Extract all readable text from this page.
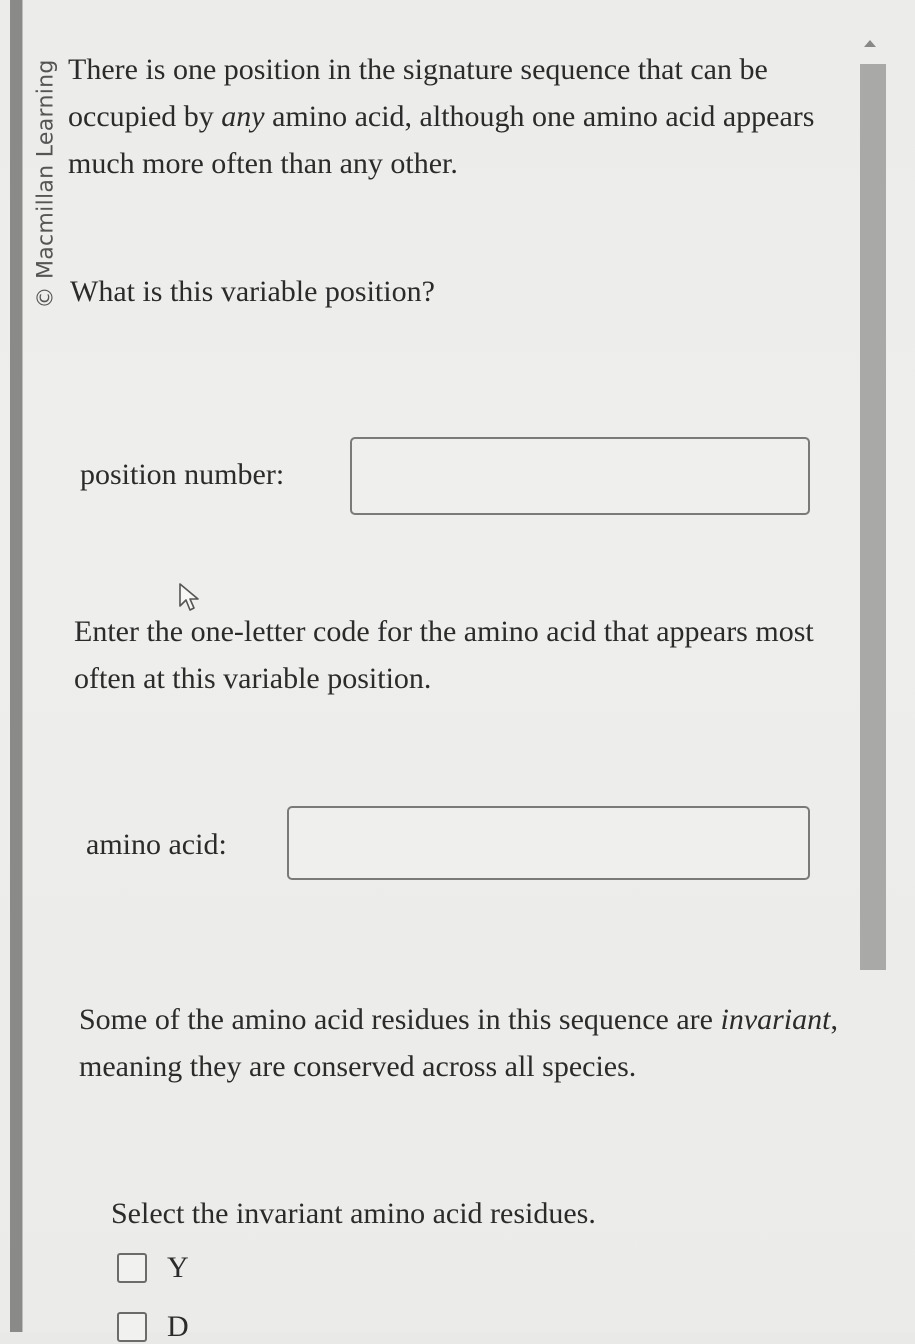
© Macmillan Learning There is one position in the signature sequence that can be occupied by any amino acid, although one amino acid appears much more often than any other.
What is this variable position?
position number:
Enter the one-letter code for the amino acid that appears most often at this variable position.
amino acid:
Some of the amino acid residues in this sequence are invariant, meaning they are conserved across all species.
Select the invariant amino acid residues.
Y
D
